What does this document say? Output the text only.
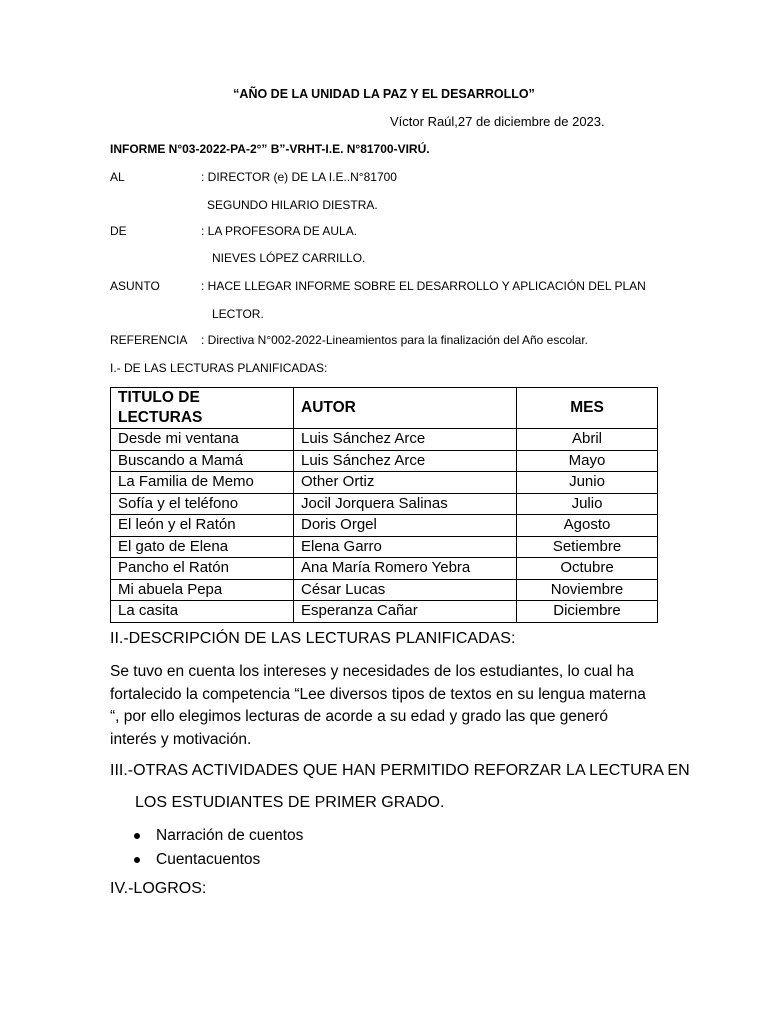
“AÑO DE LA UNIDAD LA PAZ Y EL DESARROLLO”
Víctor Raúl,27 de diciembre de 2023.
INFORME N°03-2022-PA-2°” B”-VRHT-I.E. N°81700-VIRÚ.
AL	: DIRECTOR (e) DE LA I.E..N°81700
SEGUNDO HILARIO DIESTRA.
DE	: LA PROFESORA DE AULA.
NIEVES LÓPEZ CARRILLO.
ASUNTO	: HACE LLEGAR INFORME SOBRE EL DESARROLLO Y APLICACIÓN DEL PLAN
LECTOR.
REFERENCIA : Directiva N°002-2022-Lineamientos para la finalización del Año escolar.
I.- DE LAS LECTURAS PLANIFICADAS:
TITULO DE LECTURAS	AUTOR	MES
Desde mi ventana	Luis Sánchez Arce	Abril
Buscando a Mamá	Luis Sánchez Arce	Mayo
La Familia de Memo	Other Ortiz	Junio
Sofía y el teléfono	Jocil Jorquera Salinas	Julio
El león y el Ratón	Doris Orgel	Agosto
El gato de Elena	Elena Garro	Setiembre
Pancho el Ratón	Ana María Romero Yebra	Octubre
Mi abuela Pepa	César Lucas	Noviembre
La casita	Esperanza Cañar	Diciembre
II.-DESCRIPCIÓN DE LAS LECTURAS PLANIFICADAS:
Se tuvo en cuenta los intereses y necesidades de los estudiantes, lo cual ha fortalecido la competencia “Lee diversos tipos de textos en su lengua materna “, por ello elegimos lecturas de acorde a su edad y grado las que generó interés y motivación.
III.-OTRAS ACTIVIDADES QUE HAN PERMITIDO REFORZAR LA LECTURA EN
LOS ESTUDIANTES DE PRIMER GRADO.
Narración de cuentos
Cuentacuentos
IV.-LOGROS:
